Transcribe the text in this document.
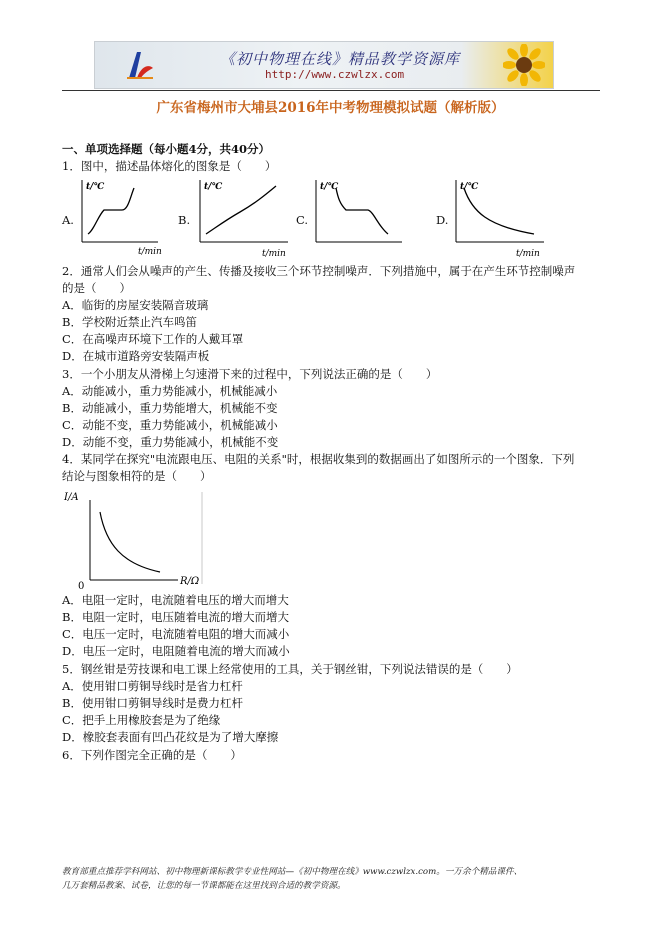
《初中物理在线》精品教学资源库
http://www.czwlzx.com
广东省梅州市大埔县2016年中考物理模拟试题（解析版）
一、单项选择题（每小题4分，共40分）
1．图中，描述晶体熔化的图象是（　　）
A.
t/℃
t/min
B.
t/℃
t/min
C.
t/℃
D.
t/℃
t/min
2．通常人们会从噪声的产生、传播及接收三个环节控制噪声．下列措施中，属于在产生环节控制噪声
的是（　　）
A．临街的房屋安装隔音玻璃
B．学校附近禁止汽车鸣笛
C．在高噪声环境下工作的人戴耳罩
D．在城市道路旁安装隔声板
3．一个小朋友从滑梯上匀速滑下来的过程中，下列说法正确的是（　　）
A．动能减小，重力势能减小，机械能减小
B．动能减小，重力势能增大，机械能不变
C．动能不变，重力势能减小，机械能减小
D．动能不变，重力势能减小，机械能不变
4．某同学在探究"电流跟电压、电阻的关系"时，根据收集到的数据画出了如图所示的一个图象．下列
结论与图象相符的是（　　）
I/A
R/Ω
0
A．电阻一定时，电流随着电压的增大而增大
B．电阻一定时，电压随着电流的增大而增大
C．电压一定时，电流随着电阻的增大而减小
D．电压一定时，电阻随着电流的增大而减小
5．钢丝钳是劳技课和电工课上经常使用的工具，关于钢丝钳，下列说法错误的是（　　）
A．使用钳口剪铜导线时是省力杠杆
B．使用钳口剪铜导线时是费力杠杆
C．把手上用橡胶套是为了绝缘
D．橡胶套表面有凹凸花纹是为了增大摩擦
6．下列作图完全正确的是（　　）
教育部重点推荐学科网站、初中物理新课标教学专业性网站—《初中物理在线》www.czwlzx.com。一万余个精品课件、
几万套精品教案、试卷，让您的每一节课都能在这里找到合适的教学资源。
